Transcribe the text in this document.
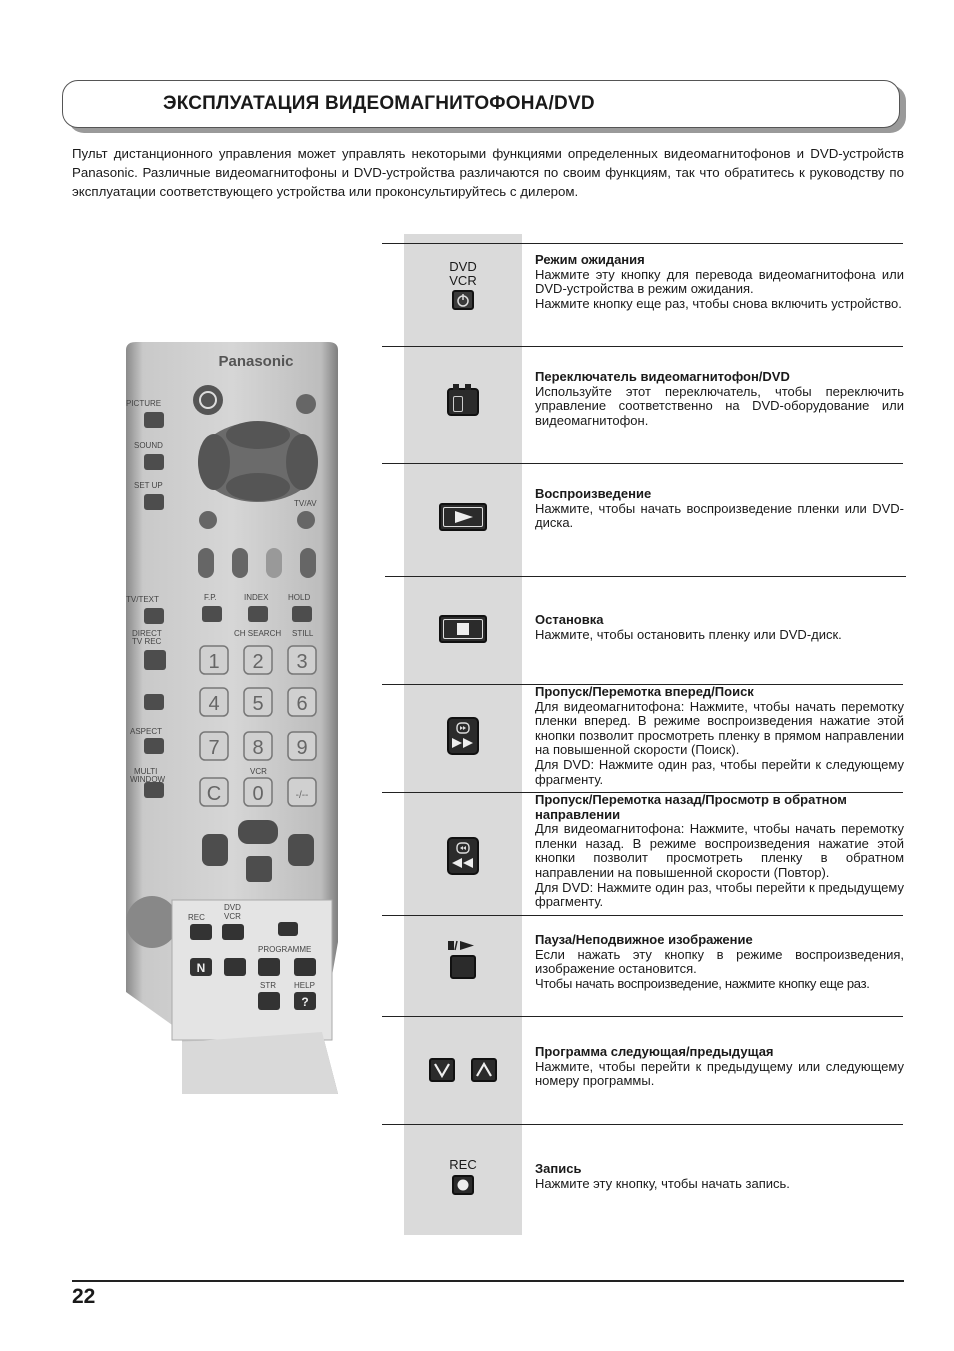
ЭКСПЛУАТАЦИЯ ВИДЕОМАГНИТОФОНА/DVD

Пульт дистанционного управления может управлять некоторыми функциями определенных видеомагнитофонов и DVD-устройств Panasonic. Различные видеомагнитофоны и DVD-устройства различаются по своим функциям, так что обратитесь к руководству по эксплуатации соответствующего устройства или проконсультируйтесь с дилером.

Panasonic
PICTURE
SOUND
SET UP
TV/TEXT
DIRECT
TV REC
ASPECT
MULTI
WINDOW
F.P.	INDEX HOLD
CH SEARCH STILL
TV/AV
VCR
1 2 3
4 5 6
7 8 9
C 0	-/--
REC
DVD
VCR
PROGRAMME
STR HELP
N
?
DVD
VCR
Режим ожидания
Нажмите эту кнопку для перевода видеомагнитофона или DVD-устройства в режим ожидания.
Нажмите кнопку еще раз, чтобы снова включить устройство.
Переключатель видеомагнитофон/DVD
Используйте этот переключатель, чтобы переключить управление соответственно на DVD-оборудование или видеомагнитофон.
Воспроизведение
Нажмите, чтобы начать воспроизведение пленки или DVD-диска.
Остановка
Нажмите, чтобы остановить пленку или DVD-диск.
Пропуск/Перемотка вперед/Поиск
Для видеомагнитофона: Нажмите, чтобы начать перемотку пленки вперед. В режиме воспроизведения нажатие этой кнопки позволит просмотреть пленку в прямом направлении на повышенной скорости (Поиск).
Для DVD: Нажмите один раз, чтобы перейти к следующему фрагменту.
Пропуск/Перемотка назад/Просмотр в обратном направлении
Для видеомагнитофона: Нажмите, чтобы начать перемотку пленки назад. В режиме воспроизведения нажатие этой кнопки позволит просмотреть пленку в обратном направлении на повышенной скорости (Повтор).
Для DVD: Нажмите один раз, чтобы перейти к предыдущему фрагменту.
Пауза/Неподвижное изображение
Если нажать эту кнопку в режиме воспроизведения, изображение остановится.
Чтобы начать воспроизведение, нажмите кнопку еще раз.

Программа следующая/предыдущая
Нажмите, чтобы перейти к предыдущему или следующему номеру программы.
REC	Запись
Нажмите эту кнопку, чтобы начать запись.
22
